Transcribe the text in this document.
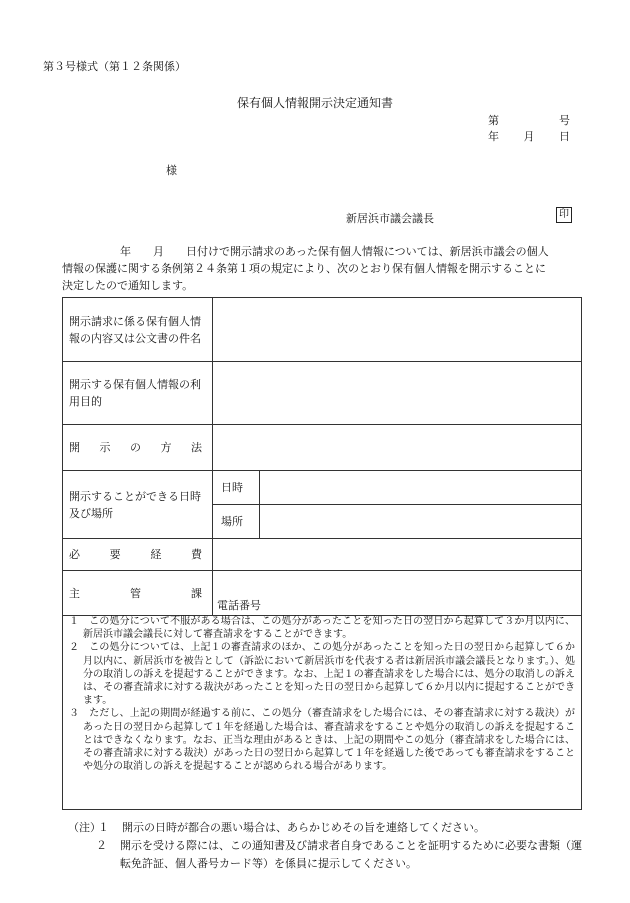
第３号様式（第１２条関係）
保有個人情報開示決定通知書
第	号
年 月 日
様
新居浜市議会議長	印

年　　月　　日付けで開示請求のあった保有個人情報については、新居浜市議会の個人

情報の保護に関する条例第２４条第１項の規定により、次のとおり保有個人情報を開示することに

決定したので通知します。

開示請求に係る保有個人情報の内容又は公文書の件名	
開示する保有個人情報の利用目的	

開 示 の 方 法

開示することができる日時及び場所	
日時	
場所	

必	要	経	費

主	管	課

電話番号

１　この処分について不服がある場合は、この処分があったことを知った日の翌日から起算して３か月以内に、新居浜市議会議長に対して審査請求をすることができます。

２　この処分については、上記１の審査請求のほか、この処分があったことを知った日の翌日から起算して６か月以内に、新居浜市を被告として（訴訟において新居浜市を代表する者は新居浜市議会議長となります。）、処分の取消しの訴えを提起することができます。なお、上記１の審査請求をした場合には、処分の取消しの訴えは、その審査請求に対する裁決があったことを知った日の翌日から起算して６か月以内に提起することができます。

３　ただし、上記の期間が経過する前に、この処分（審査請求をした場合には、その審査請求に対する裁決）があった日の翌日から起算して１年を経過した場合は、審査請求をすることや処分の取消しの訴えを提起することはできなくなります。なお、正当な理由があるときは、上記の期間やこの処分（審査請求をした場合には、その審査請求に対する裁決）があった日の翌日から起算して１年を経過した後であっても審査請求をすることや処分の取消しの訴えを提起することが認められる場合があります。

（注）
１	開示の日時が都合の悪い場合は、あらかじめその旨を連絡してください。
２	開示を受ける際には、この通知書及び請求者自身であることを証明するために必要な書類（運転免許証、個人番号カード等）を係員に提示してください。
